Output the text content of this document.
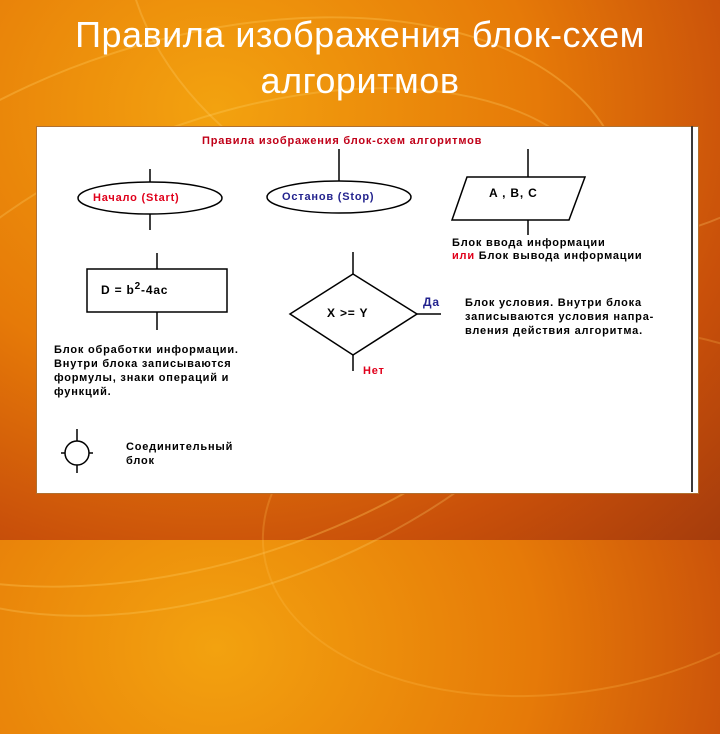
Правила изображения блок-схем
алгоритмов
Правила изображения блок-схем алгоритмов
Начало (Start)	Останов (Stop)	A , B, C
Блок ввода информации
или Блок вывода информации
$D = b^2-4ac$
Блок обработки информации.
Внутри блока записываются
формулы, знаки операций и
функций.
X >= Y
Да
Нет
Блок условия. Внутри блока
записываются условия напра-
вления действия алгоритма.
Соединительный
блок
